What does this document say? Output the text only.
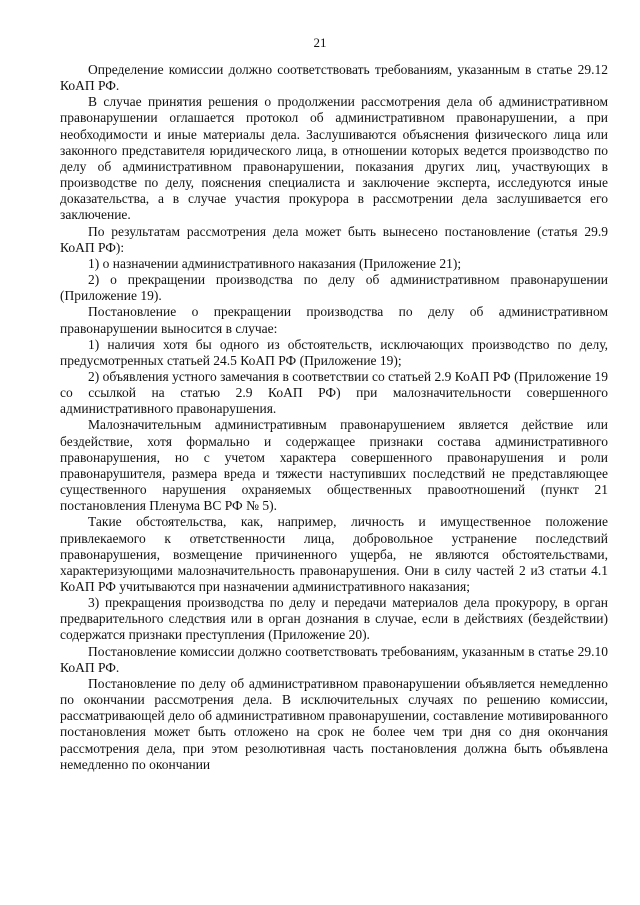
21

Определение комиссии должно соответствовать требованиям, указанным в статье 29.12 КоАП РФ.

В случае принятия решения о продолжении рассмотрения дела об административном правонарушении оглашается протокол об административном правонарушении, а при необходимости и иные материалы дела. Заслушиваются объяснения физического лица или законного представителя юридического лица, в отношении которых ведется производство по делу об административном правонарушении, показания других лиц, участвующих в производстве по делу, пояснения специалиста и заключение эксперта, исследуются иные доказательства, а в случае участия прокурора в рассмотрении дела заслушивается его заключение.

По результатам рассмотрения дела может быть вынесено постановление (статья 29.9 КоАП РФ):

1) о назначении административного наказания (Приложение 21);

2) о прекращении производства по делу об административном правонарушении (Приложение 19).

Постановление о прекращении производства по делу об административном правонарушении выносится в случае:

1) наличия хотя бы одного из обстоятельств, исключающих производство по делу, предусмотренных статьей 24.5 КоАП РФ (Приложение 19);

2) объявления устного замечания в соответствии со статьей 2.9 КоАП РФ (Приложение 19 со ссылкой на статью 2.9 КоАП РФ) при малозначительности совершенного административного правонарушения.

Малозначительным административным правонарушением является действие или бездействие, хотя формально и содержащее признаки состава административного правонарушения, но с учетом характера совершенного правонарушения и роли правонарушителя, размера вреда и тяжести наступивших последствий не представляющее существенного нарушения охраняемых общественных правоотношений (пункт 21 постановления Пленума ВС РФ № 5).

Такие обстоятельства, как, например, личность и имущественное положение привлекаемого к ответственности лица, добровольное устранение последствий правонарушения, возмещение причиненного ущерба, не являются обстоятельствами, характеризующими малозначительность правонарушения. Они в силу частей 2 и3 статьи 4.1 КоАП РФ учитываются при назначении административного наказания;

3) прекращения производства по делу и передачи материалов дела прокурору, в орган предварительного следствия или в орган дознания в случае, если в действиях (бездействии) содержатся признаки преступления (Приложение 20).

Постановление комиссии должно соответствовать требованиям, указанным в статье 29.10 КоАП РФ.

Постановление по делу об административном правонарушении объявляется немедленно по окончании рассмотрения дела. В исключительных случаях по решению комиссии, рассматривающей дело об административном правонарушении, составление мотивированного постановления может быть отложено на срок не более чем три дня со дня окончания рассмотрения дела, при этом резолютивная часть постановления должна быть объявлена немедленно по окончании
